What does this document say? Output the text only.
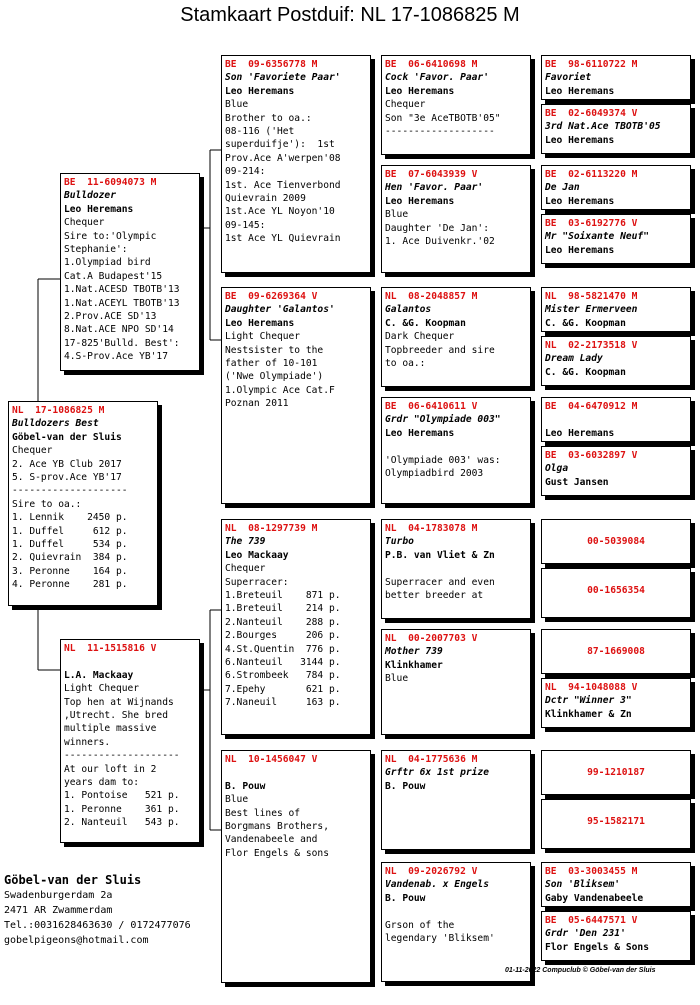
Stamkaart Postduif: NL 17-1086825 M
NL  17-1086825 M
Bulldozers Best
Göbel-van der Sluis
Chequer
2. Ace YB Club 2017
5. S-prov.Ace YB'17
--------------------
Sire to oa.:
1. Lennik    2450 p.
1. Duffel     612 p.
1. Duffel     534 p.
2. Quievrain  384 p.
3. Peronne    164 p.
4. Peronne    281 p.
BE  11-6094073 M
Bulldozer
Leo Heremans
Chequer
Sire to:'Olympic
Stephanie':
1.Olympiad bird
Cat.A Budapest'15
1.Nat.ACESD TBOTB'13
1.Nat.ACEYL TBOTB'13
2.Prov.ACE SD'13
8.Nat.ACE NPO SD'14
17-825'Bulld. Best':
4.S-Prov.Ace YB'17
NL  11-1515816 V

L.A. Mackaay
Light Chequer
Top hen at Wijnands
,Utrecht. She bred
multiple massive
winners.
--------------------
At our loft in 2
years dam to:
1. Pontoise   521 p.
1. Peronne    361 p.
2. Nanteuil   543 p.
BE  09-6356778 M
Son 'Favoriete Paar'
Leo Heremans
Blue
Brother to oa.:
08-116 ('Het
superduifje'):  1st
Prov.Ace A'werpen'08
09-214:
1st. Ace Tienverbond
Quievrain 2009
1st.Ace YL Noyon'10
09-145:
1st Ace YL Quievrain
BE  09-6269364 V
Daughter 'Galantos'
Leo Heremans
Light Chequer
Nestsister to the
father of 10-101
('Nwe Olympiade')
1.Olympic Ace Cat.F
Poznan 2011
NL  08-1297739 M
The 739
Leo Mackaay
Chequer
Superracer:
1.Breteuil    871 p.
1.Breteuil    214 p.
2.Nanteuil    288 p.
2.Bourges     206 p.
4.St.Quentin  776 p.
6.Nanteuil   3144 p.
6.Strombeek   784 p.
7.Epehy       621 p.
7.Naneuil     163 p.
NL  10-1456047 V

B. Pouw
Blue
Best lines of
Borgmans Brothers,
Vandenabeele and
Flor Engels & sons
BE  06-6410698 M
Cock 'Favor. Paar'
Leo Heremans
Chequer
Son "3e AceTBOTB'05"
-------------------
BE  07-6043939 V
Hen 'Favor. Paar'
Leo Heremans
Blue
Daughter 'De Jan':
1. Ace Duivenkr.'02
NL  08-2048857 M
Galantos
C. &G. Koopman
Dark Chequer
Topbreeder and sire
to oa.:
BE  06-6410611 V
Grdr "Olympiade 003"
Leo Heremans

'Olympiade 003' was:
Olympiadbird 2003
NL  04-1783078 M
Turbo
P.B. van Vliet & Zn

Superracer and even
better breeder at
NL  00-2007703 V
Mother 739
Klinkhamer
Blue
NL  04-1775636 M
Grftr 6x 1st prize
B. Pouw
NL  09-2026792 V
Vandenab. x Engels
B. Pouw

Grson of the
legendary 'Bliksem'
BE  98-6110722 M
Favoriet
Leo Heremans
BE  02-6049374 V
3rd Nat.Ace TBOTB'05
Leo Heremans
BE  02-6113220 M
De Jan
Leo Heremans
BE  03-6192776 V
Mr "Soixante Neuf"
Leo Heremans
NL  98-5821470 M
Mister Ermerveen
C. &G. Koopman
NL  02-2173518 V
Dream Lady
C. &G. Koopman
BE  04-6470912 M

Leo Heremans
BE  03-6032897 V
Olga
Gust Jansen
00-5039084
00-1656354
87-1669008
NL  94-1048088 V
Dctr "Winner 3"
Klinkhamer & Zn
99-1210187
95-1582171
BE  03-3003455 M
Son 'Bliksem'
Gaby Vandenabeele
BE  05-6447571 V
Grdr 'Den 231'
Flor Engels & Sons
Göbel-van der Sluis
Swadenburgerdam 2a
2471 AR Zwammerdam
Tel.:0031628463630 / 0172477076
gobelpigeons@hotmail.com
01-11-2022 Compuclub © Göbel-van der Sluis
